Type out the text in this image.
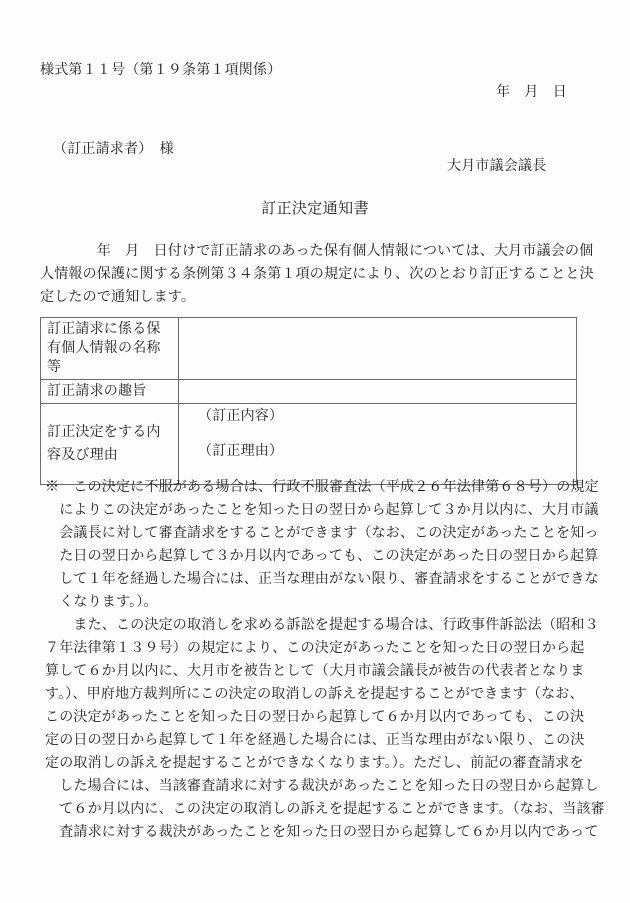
様式第１１号（第１９条第１項関係）
年　月　日
（訂正請求者）　様
大月市議会議長
訂正決定通知書
　　　　年　月　日付けで訂正請求のあった保有個人情報については、大月市議会の個
人情報の保護に関する条例第３４条第１項の規定により、次のとおり訂正することと決
定したので通知します。
訂正請求に係る保有個人情報の名称等	
訂正請求の趣旨	
訂正決定をする内容及び理由	（訂正内容）
（訂正理由）
※　この決定に不服がある場合は、行政不服審査法（平成２６年法律第６８号）の規定
　によりこの決定があったことを知った日の翌日から起算して３か月以内に、大月市議
　会議長に対して審査請求をすることができます（なお、この決定があったことを知っ
　た日の翌日から起算して３か月以内であっても、この決定があった日の翌日から起算
　して１年を経過した場合には、正当な理由がない限り、審査請求をすることができな
　くなります。）。
　　また、この決定の取消しを求める訴訟を提起する場合は、行政事件訴訟法（昭和３
７年法律第１３９号）の規定により、この決定があったことを知った日の翌日から起
算して６か月以内に、大月市を被告として（大月市議会議長が被告の代表者となりま
す。）、甲府地方裁判所にこの決定の取消しの訴えを提起することができます（なお、
この決定があったことを知った日の翌日から起算して６か月以内であっても、この決
定の日の翌日から起算して１年を経過した場合には、正当な理由がない限り、この決
定の取消しの訴えを提起することができなくなります。）。ただし、前記の審査請求を
　した場合には、当該審査請求に対する裁決があったことを知った日の翌日から起算し
　て６か月以内に、この決定の取消しの訴えを提起することができます。（なお、当該審
　査請求に対する裁決があったことを知った日の翌日から起算して６か月以内であって
